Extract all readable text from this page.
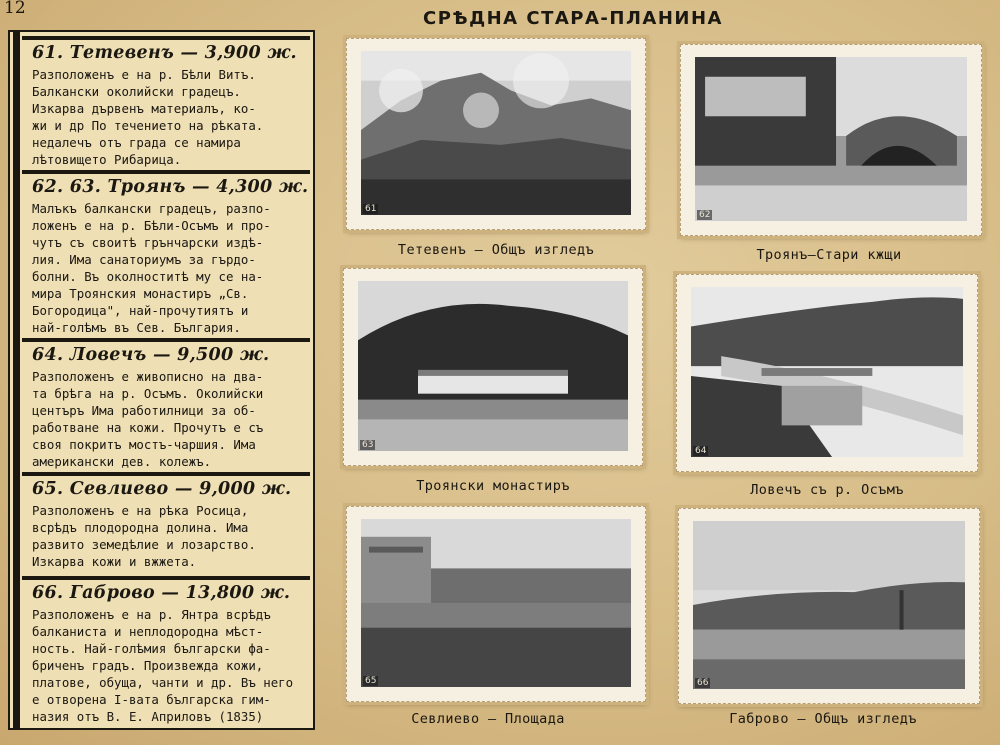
12	СРѢДНА СТАРА-ПЛАНИНА
61. Тетевенъ — 3,900 ж.
Разположенъ е на р. Бѣли Витъ.
Балкански околийски градецъ.
Изкарва дървенъ материалъ, ко-
жи и др По течението на рѣката.
недалечъ отъ града се намира
лѣтовището Рибарица.
62. 63. Троянъ — 4,300 ж.
Малъкъ балкански градецъ, разпо-
ложенъ е на р. Бѣли-Осъмъ и про-
чутъ съ своитѣ грънчарски издѣ-
лия. Има санаториумъ за гърдо-
болни. Въ околноститѣ му се на-
мира Троянския монастиръ „Св.
Богородица", най-прочутиятъ и
най-голѣмъ въ Сев. България.
64. Ловечъ — 9,500 ж.
Разположенъ е живописно на два-
та брѣга на р. Осъмъ. Околийски
центъръ Има работилници за об-
работване на кожи. Прочутъ е съ
своя покритъ мостъ-чаршия. Има
американски дев. колежъ.
65. Севлиево — 9,000 ж.
Разположенъ е на рѣка Росица,
всрѣдъ плодородна долина. Има
развито земедѣлие и лозарство.
Изкарва кожи и вжжета.
66. Габрово — 13,800 ж.
Разположенъ е на р. Янтра всрѣдъ
балканиста и неплодородна мѣст-
ность. Най-голѣмия български фа-
бриченъ градъ. Произвежда кожи,
платове, обуща, чанти и др. Въ него
е отворена I-вата българска гим-
назия отъ В. Е. Априловъ (1835)
61
Тетевенъ — Общъ изгледъ
62
Троянъ—Стари кжщи
63
Троянски монастиръ
64
Ловечъ съ р. Осъмъ
65
Севлиево — Площада
66
Габрово — Общъ изгледъ
